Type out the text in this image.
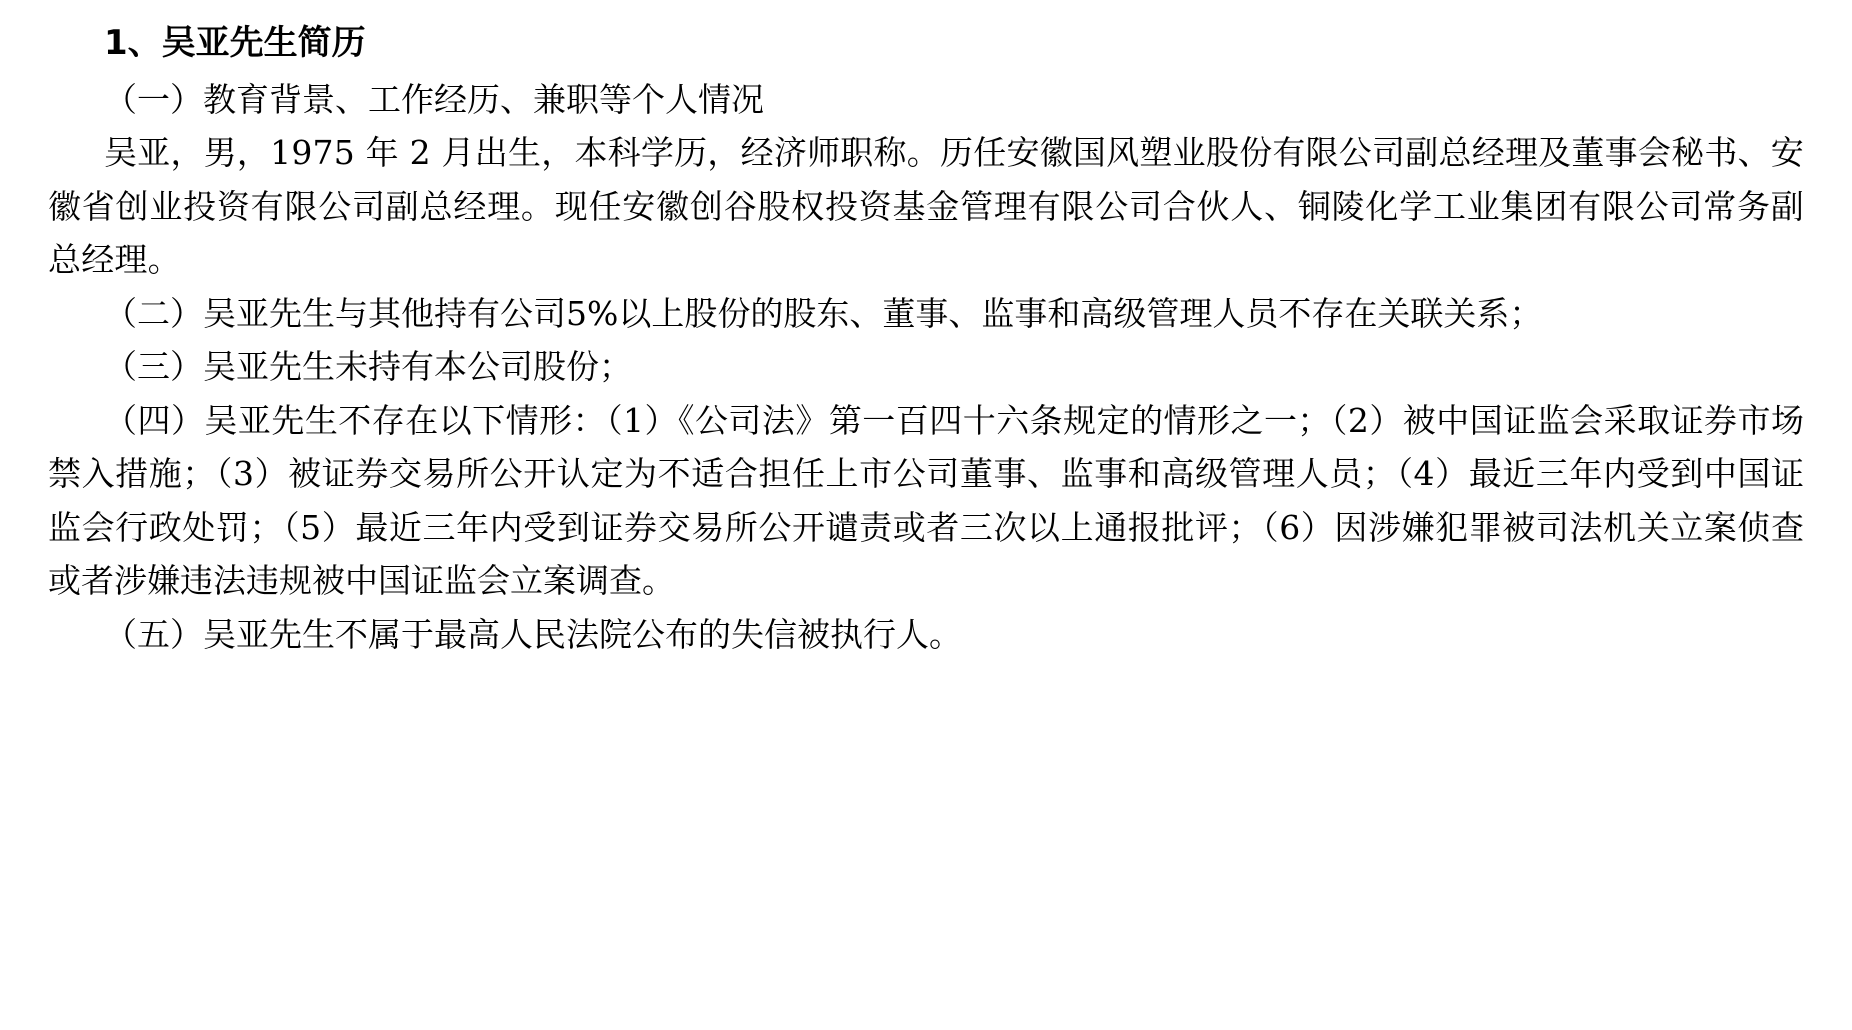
1、吴亚先生简历

（一）教育背景、工作经历、兼职等个人情况

吴亚，男，1975 年 2 月出生，本科学历，经济师职称。历任安徽国风塑业股份有限公司副总经理及董事会秘书、安徽省创业投资有限公司副总经理。现任安徽创谷股权投资基金管理有限公司合伙人、铜陵化学工业集团有限公司常务副总经理。

（二）吴亚先生与其他持有公司5%以上股份的股东、董事、监事和高级管理人员不存在关联关系；

（三）吴亚先生未持有本公司股份；

（四）吴亚先生不存在以下情形：（1）《公司法》第一百四十六条规定的情形之一；（2）被中国证监会采取证券市场禁入措施；（3）被证券交易所公开认定为不适合担任上市公司董事、监事和高级管理人员；（4）最近三年内受到中国证监会行政处罚；（5）最近三年内受到证券交易所公开谴责或者三次以上通报批评；（6）因涉嫌犯罪被司法机关立案侦查或者涉嫌违法违规被中国证监会立案调查。

（五）吴亚先生不属于最高人民法院公布的失信被执行人。
